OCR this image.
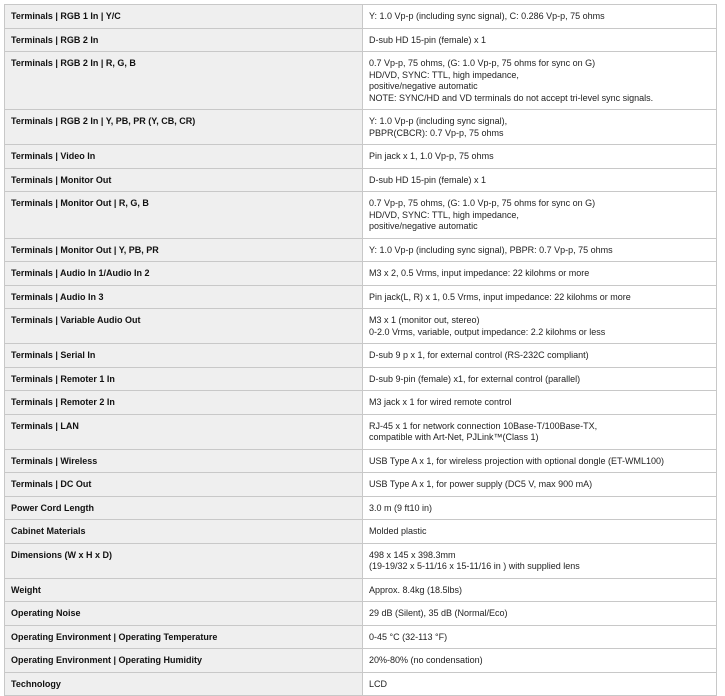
Terminals | RGB 1 In | Y/C	Y: 1.0 Vp-p (including sync signal), C: 0.286 Vp-p, 75 ohms

Terminals | RGB 2 In	D-sub HD 15-pin (female) x 1

Terminals | RGB 2 In | R, G, B	0.7 Vp-p, 75 ohms, (G: 1.0 Vp-p, 75 ohms for sync on G)
HD/VD, SYNC: TTL, high impedance,
positive/negative automatic
NOTE: SYNC/HD and VD terminals do not accept tri-level sync signals.

Terminals | RGB 2 In | Y, PB, PR (Y, CB, CR)	Y: 1.0 Vp-p (including sync signal),
PBPR(CBCR): 0.7 Vp-p, 75 ohms

Terminals | Video In	Pin jack x 1, 1.0 Vp-p, 75 ohms

Terminals | Monitor Out	D-sub HD 15-pin (female) x 1

Terminals | Monitor Out | R, G, B	0.7 Vp-p, 75 ohms, (G: 1.0 Vp-p, 75 ohms for sync on G)
HD/VD, SYNC: TTL, high impedance,
positive/negative automatic

Terminals | Monitor Out | Y, PB, PR	Y: 1.0 Vp-p (including sync signal), PBPR: 0.7 Vp-p, 75 ohms

Terminals | Audio In 1/Audio In 2	M3 x 2, 0.5 Vrms, input impedance: 22 kilohms or more

Terminals | Audio In 3	Pin jack(L, R) x 1, 0.5 Vrms, input impedance: 22 kilohms or more

Terminals | Variable Audio Out	M3 x 1 (monitor out, stereo)
0-2.0 Vrms, variable, output impedance: 2.2 kilohms or less

Terminals | Serial In	D-sub 9 p x 1, for external control (RS-232C compliant)

Terminals | Remoter 1 In	D-sub 9-pin (female) x1, for external control (parallel)

Terminals | Remoter 2 In	M3 jack x 1 for wired remote control

Terminals | LAN	RJ-45 x 1 for network connection 10Base-T/100Base-TX,
compatible with Art-Net, PJLink™(Class 1)

Terminals | Wireless	USB Type A x 1, for wireless projection with optional dongle (ET-WML100)

Terminals | DC Out	USB Type A x 1, for power supply (DC5 V, max 900 mA)

Power Cord Length	3.0 m (9 ft10 in)

Cabinet Materials	Molded plastic

Dimensions (W x H x D)	498 x 145 x 398.3mm
(19-19/32 x 5-11/16 x 15-11/16 in ) with supplied lens

Weight	Approx. 8.4kg (18.5lbs)

Operating Noise	29 dB (Silent), 35 dB (Normal/Eco)

Operating Environment | Operating Temperature	0-45 °C (32-113 °F)

Operating Environment | Operating Humidity	20%-80% (no condensation)

Technology	LCD
